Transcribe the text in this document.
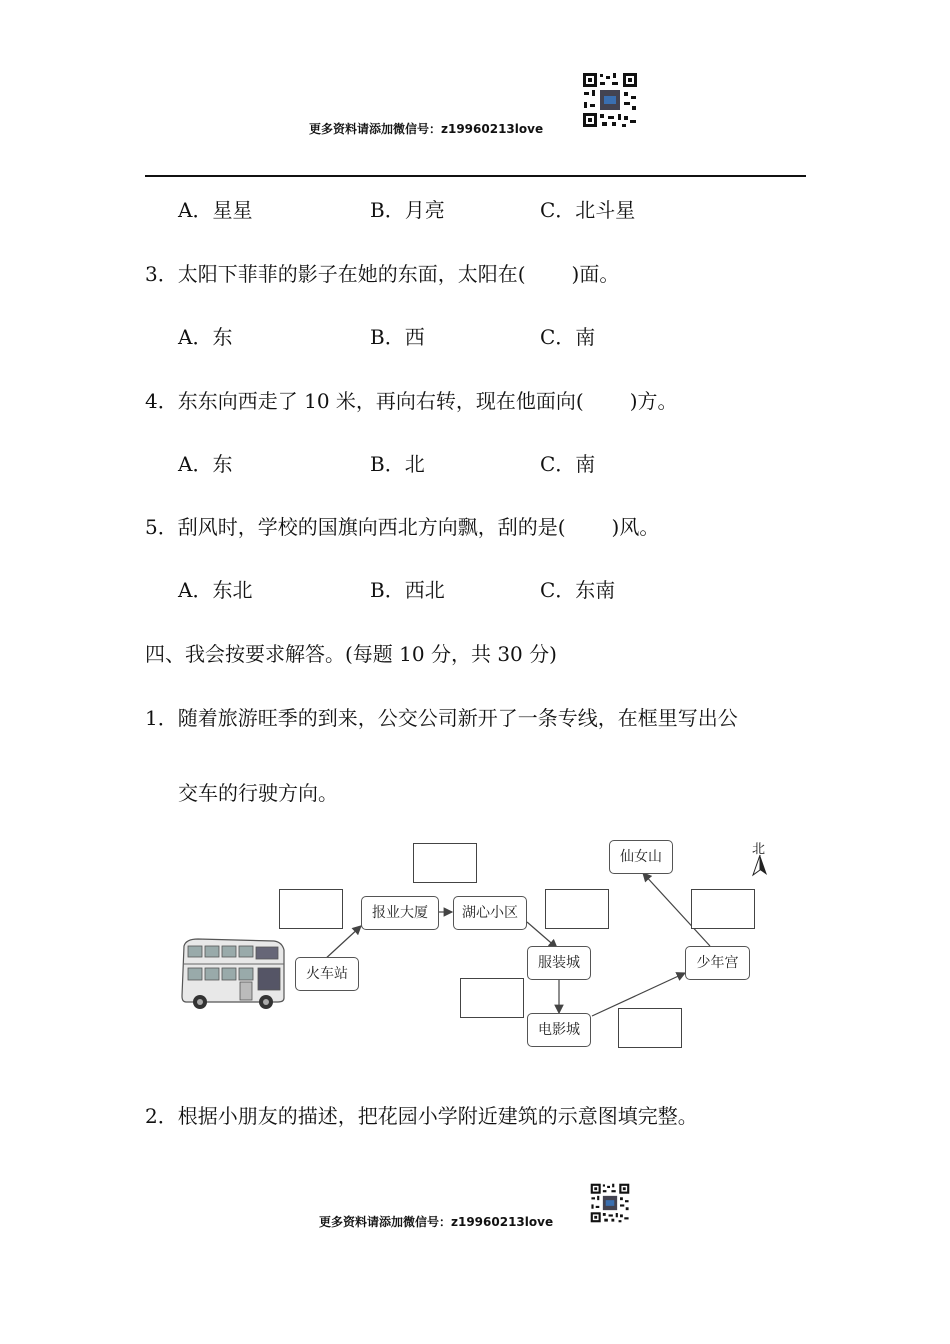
更多资料请添加微信号：z19960213love
A．星星	B．月亮	C．北斗星
3．太阳下菲菲的影子在她的东面，太阳在( )面。
A．东	B．西	C．南
4．东东向西走了 10 米，再向右转，现在他面向( )方。
A．东	B．北	C．南
5．刮风时，学校的国旗向西北方向飘，刮的是( )风。
A．东北	B．西北	C．东南
四、我会按要求解答。(每题 10 分，共 30 分)
1．随着旅游旺季的到来，公交公司新开了一条专线，在框里写出公
交车的行驶方向。
北
火车站
报业大厦	湖心小区
服装城
电影城
少年宫
仙女山
2．根据小朋友的描述，把花园小学附近建筑的示意图填完整。
更多资料请添加微信号：z19960213love
